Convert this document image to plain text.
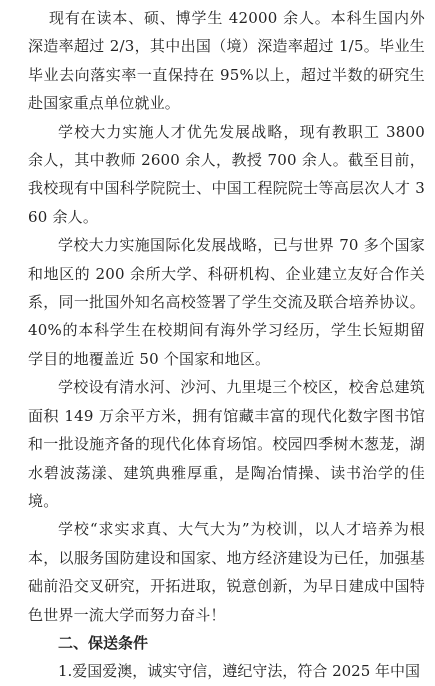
现有在读本、硕、博学生 42000 余人。本科生国内外深造率超过 2/3，其中出国（境）深造率超过 1/5。毕业生毕业去向落实率一直保持在 95%以上，超过半数的研究生赴国家重点单位就业。

学校大力实施人才优先发展战略，现有教职工 3800 余人，其中教师 2600 余人，教授 700 余人。截至目前，我校现有中国科学院院士、中国工程院院士等高层次人才 360 余人。

学校大力实施国际化发展战略，已与世界 70 多个国家和地区的 200 余所大学、科研机构、企业建立友好合作关系，同一批国外知名高校签署了学生交流及联合培养协议。40%的本科学生在校期间有海外学习经历，学生长短期留学目的地覆盖近 50 个国家和地区。

学校设有清水河、沙河、九里堤三个校区，校舍总建筑面积 149 万余平方米，拥有馆藏丰富的现代化数字图书馆和一批设施齐备的现代化体育场馆。校园四季树木葱茏，湖水碧波荡漾、建筑典雅厚重，是陶冶情操、读书治学的佳境。

学校“求实求真、大气大为”为校训，以人才培养为根本，以服务国防建设和国家、地方经济建设为已任，加强基础前沿交叉研究，开拓进取，锐意创新，为早日建成中国特色世界一流大学而努力奋斗！

二、保送条件

1.爱国爱澳，诚实守信，遵纪守法，符合 2025 年中国
